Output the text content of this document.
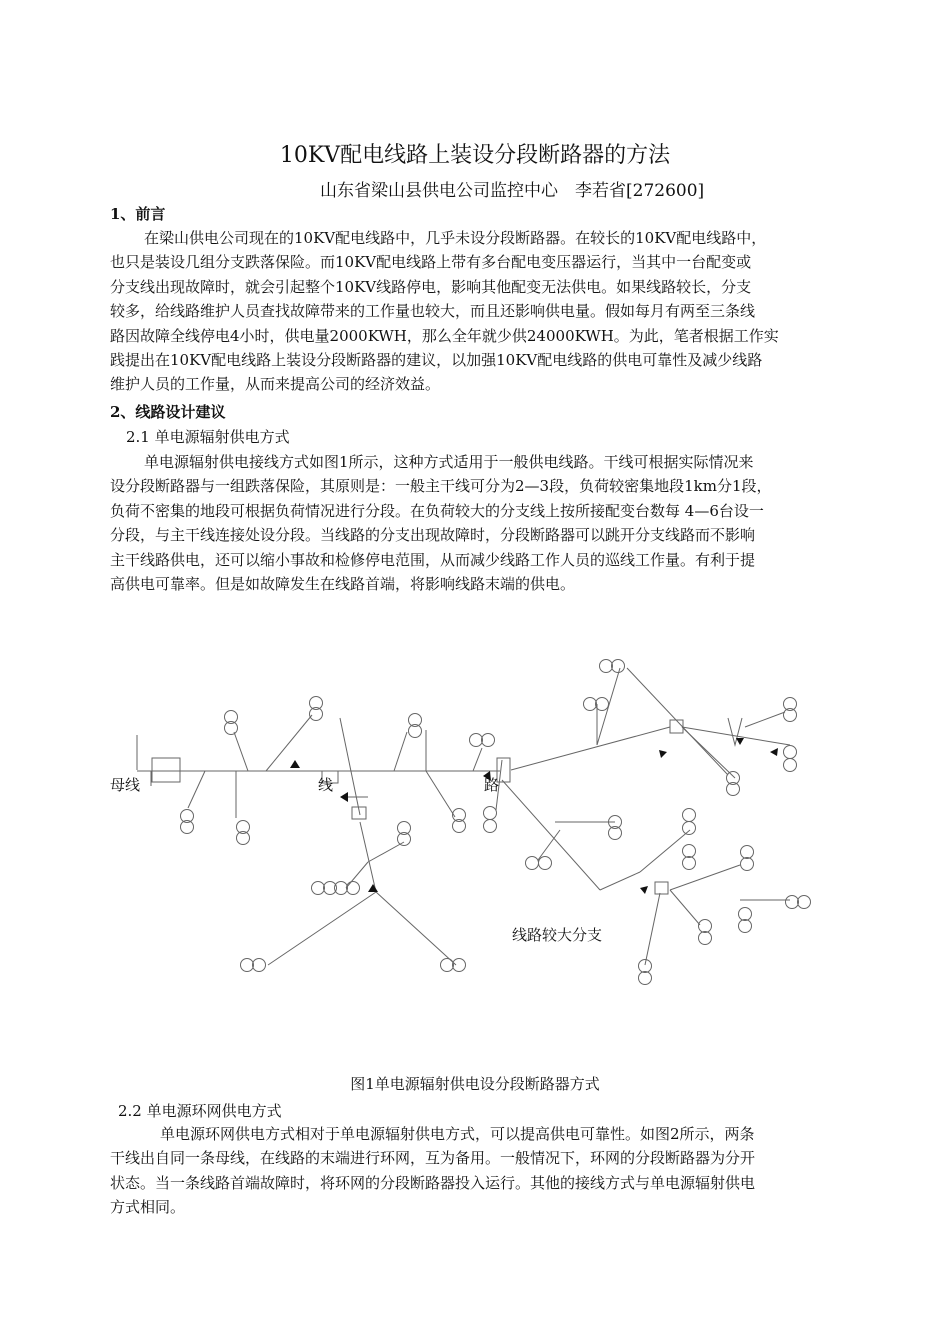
10KV配电线路上装设分段断路器的方法
山东省梁山县供电公司监控中心　李若省[272600]
1、前言
在梁山供电公司现在的10KV配电线路中，几乎未设分段断路器。在较长的10KV配电线路中，
也只是装设几组分支跌落保险。而10KV配电线路上带有多台配电变压器运行，当其中一台配变或
分支线出现故障时，就会引起整个10KV线路停电，影响其他配变无法供电。如果线路较长，分支
较多，给线路维护人员查找故障带来的工作量也较大，而且还影响供电量。假如每月有两至三条线
路因故障全线停电4小时，供电量2000KWH，那么全年就少供24000KWH。为此，笔者根据工作实
践提出在10KV配电线路上装设分段断路器的建议，以加强10KV配电线路的供电可靠性及减少线路
维护人员的工作量，从而来提高公司的经济效益。
2、线路设计建议
2.1 单电源辐射供电方式
单电源辐射供电接线方式如图1所示，这种方式适用于一般供电线路。干线可根据实际情况来
设分段断路器与一组跌落保险，其原则是：一般主干线可分为2—3段，负荷较密集地段1km分1段，
负荷不密集的地段可根据负荷情况进行分段。在负荷较大的分支线上按所接配变台数每 4—6台设一
分段，与主干线连接处设分段。当线路的分支出现故障时，分段断路器可以跳开分支线路而不影响
主干线路供电，还可以缩小事故和检修停电范围，从而减少线路工作人员的巡线工作量。有利于提
高供电可靠率。但是如故障发生在线路首端，将影响线路末端的供电。
母线	线	路
线路较大分支
图1单电源辐射供电设分段断路器方式
2.2 单电源环网供电方式
单电源环网供电方式相对于单电源辐射供电方式，可以提高供电可靠性。如图2所示，两条
干线出自同一条母线，在线路的末端进行环网，互为备用。一般情况下，环网的分段断路器为分开
状态。当一条线路首端故障时，将环网的分段断路器投入运行。其他的接线方式与单电源辐射供电
方式相同。
